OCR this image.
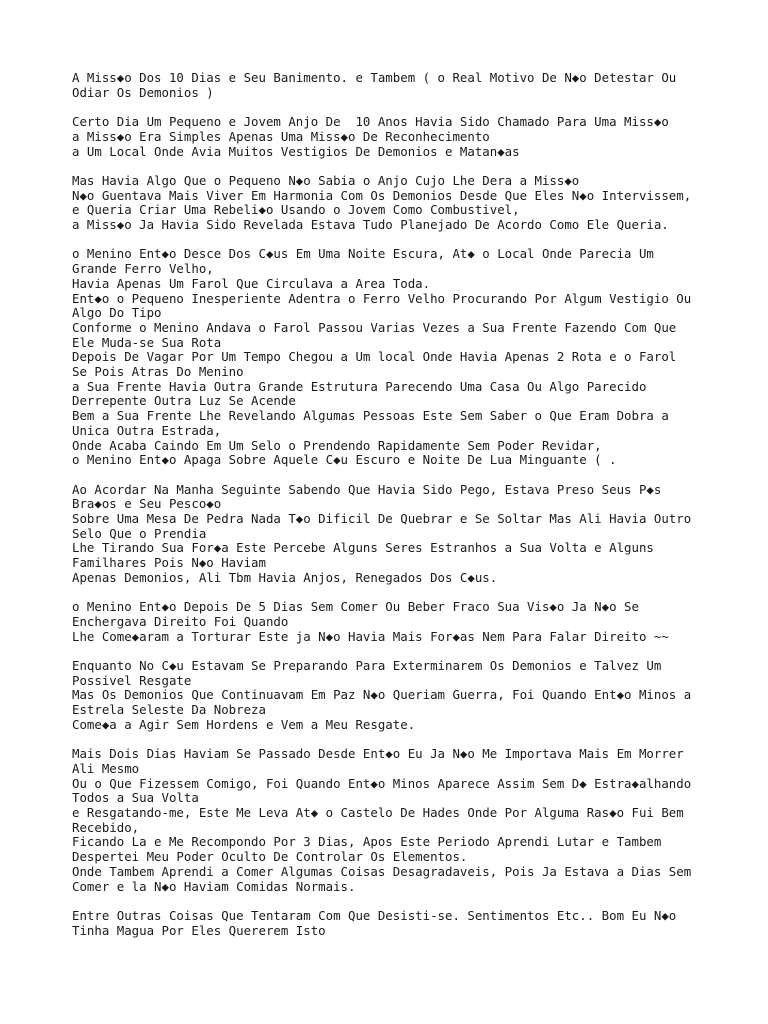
A Miss◆o Dos 10 Dias e Seu Banimento. e Tambem ( o Real Motivo De N◆o Detestar Ou
Odiar Os Demonios )
Certo Dia Um Pequeno e Jovem Anjo De  10 Anos Havia Sido Chamado Para Uma Miss◆o
a Miss◆o Era Simples Apenas Uma Miss◆o De Reconhecimento
a Um Local Onde Avia Muitos Vestigios De Demonios e Matan◆as
Mas Havia Algo Que o Pequeno N◆o Sabia o Anjo Cujo Lhe Dera a Miss◆o
N◆o Guentava Mais Viver Em Harmonia Com Os Demonios Desde Que Eles N◆o Intervissem,
e Queria Criar Uma Rebeli◆o Usando o Jovem Como Combustivel,
a Miss◆o Ja Havia Sido Revelada Estava Tudo Planejado De Acordo Como Ele Queria.
o Menino Ent◆o Desce Dos C◆us Em Uma Noite Escura, At◆ o Local Onde Parecia Um
Grande Ferro Velho,
Havia Apenas Um Farol Que Circulava a Area Toda.
Ent◆o o Pequeno Inesperiente Adentra o Ferro Velho Procurando Por Algum Vestigio Ou
Algo Do Tipo
Conforme o Menino Andava o Farol Passou Varias Vezes a Sua Frente Fazendo Com Que
Ele Muda-se Sua Rota
Depois De Vagar Por Um Tempo Chegou a Um local Onde Havia Apenas 2 Rota e o Farol
Se Pois Atras Do Menino
a Sua Frente Havia Outra Grande Estrutura Parecendo Uma Casa Ou Algo Parecido
Derrepente Outra Luz Se Acende
Bem a Sua Frente Lhe Revelando Algumas Pessoas Este Sem Saber o Que Eram Dobra a
Unica Outra Estrada,
Onde Acaba Caindo Em Um Selo o Prendendo Rapidamente Sem Poder Revidar,
o Menino Ent◆o Apaga Sobre Aquele C◆u Escuro e Noite De Lua Minguante ( .
Ao Acordar Na Manha Seguinte Sabendo Que Havia Sido Pego, Estava Preso Seus P◆s
Bra◆os e Seu Pesco◆o
Sobre Uma Mesa De Pedra Nada T◆o Dificil De Quebrar e Se Soltar Mas Ali Havia Outro
Selo Que o Prendia
Lhe Tirando Sua For◆a Este Percebe Alguns Seres Estranhos a Sua Volta e Alguns
Familhares Pois N◆o Haviam
Apenas Demonios, Ali Tbm Havia Anjos, Renegados Dos C◆us.
o Menino Ent◆o Depois De 5 Dias Sem Comer Ou Beber Fraco Sua Vis◆o Ja N◆o Se
Enchergava Direito Foi Quando
Lhe Come◆aram a Torturar Este ja N◆o Havia Mais For◆as Nem Para Falar Direito ~~
Enquanto No C◆u Estavam Se Preparando Para Exterminarem Os Demonios e Talvez Um
Possivel Resgate
Mas Os Demonios Que Continuavam Em Paz N◆o Queriam Guerra, Foi Quando Ent◆o Minos a
Estrela Seleste Da Nobreza
Come◆a a Agir Sem Hordens e Vem a Meu Resgate.
Mais Dois Dias Haviam Se Passado Desde Ent◆o Eu Ja N◆o Me Importava Mais Em Morrer
Ali Mesmo
Ou o Que Fizessem Comigo, Foi Quando Ent◆o Minos Aparece Assim Sem D◆ Estra◆alhando
Todos a Sua Volta
e Resgatando-me, Este Me Leva At◆ o Castelo De Hades Onde Por Alguma Ras◆o Fui Bem
Recebido,
Ficando La e Me Recompondo Por 3 Dias, Apos Este Periodo Aprendi Lutar e Tambem
Despertei Meu Poder Oculto De Controlar Os Elementos.
Onde Tambem Aprendi a Comer Algumas Coisas Desagradaveis, Pois Ja Estava a Dias Sem
Comer e la N◆o Haviam Comidas Normais.
Entre Outras Coisas Que Tentaram Com Que Desisti-se. Sentimentos Etc.. Bom Eu N◆o
Tinha Magua Por Eles Quererem Isto
